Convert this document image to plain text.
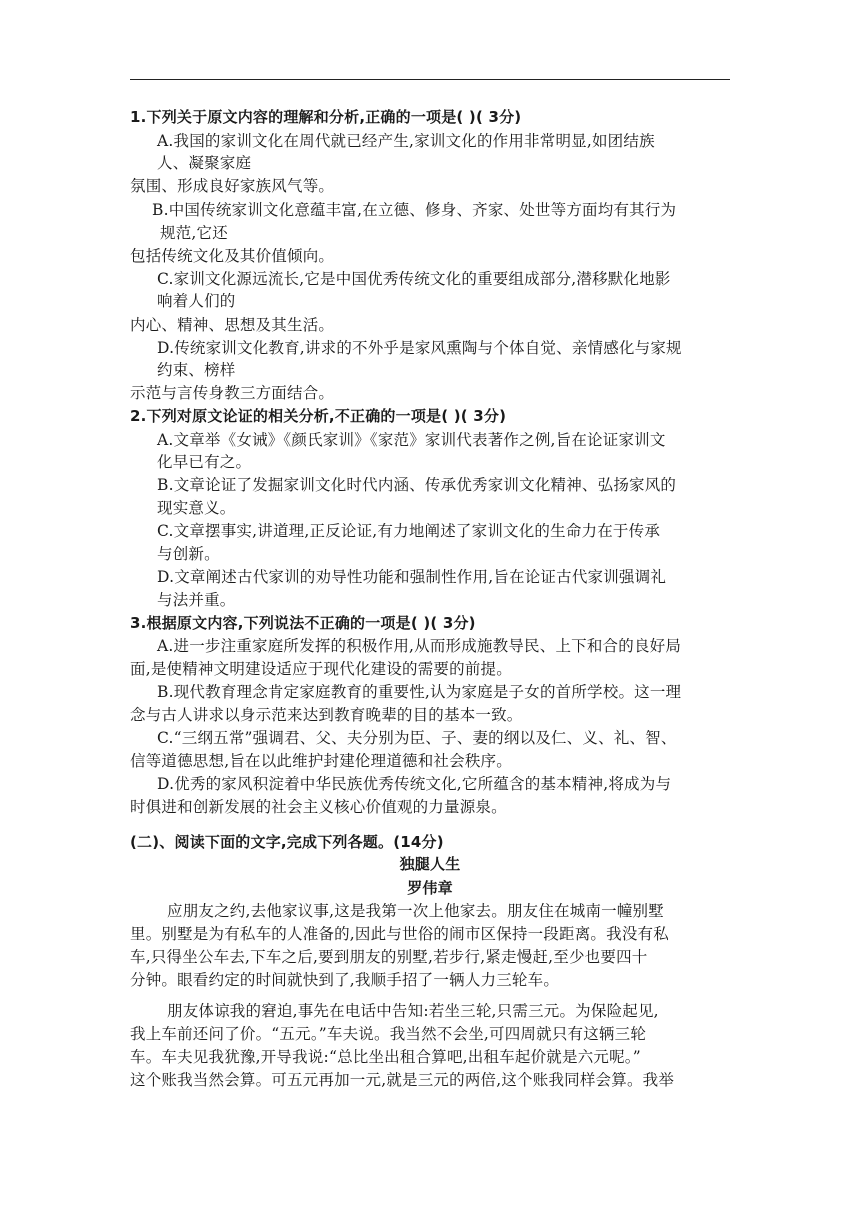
1.下列关于原文内容的理解和分析,正确的一项是( )( 3分)
A.我国的家训文化在周代就已经产生,家训文化的作用非常明显,如团结族
人、凝聚家庭
氛围、形成良好家族风气等。
B.中国传统家训文化意蕴丰富,在立德、修身、齐家、处世等方面均有其行为
规范,它还
包括传统文化及其价值倾向。
C.家训文化源远流长,它是中国优秀传统文化的重要组成部分,潜移默化地影
响着人们的
内心、精神、思想及其生活。
D.传统家训文化教育,讲求的不外乎是家风熏陶与个体自觉、亲情感化与家规
约束、榜样
示范与言传身教三方面结合。
2.下列对原文论证的相关分析,不正确的一项是( )( 3分)
A.文章举《女诫》《颜氏家训》《家范》家训代表著作之例,旨在论证家训文
化早已有之。
B.文章论证了发掘家训文化时代内涵、传承优秀家训文化精神、弘扬家风的
现实意义。
C.文章摆事实,讲道理,正反论证,有力地阐述了家训文化的生命力在于传承
与创新。
D.文章阐述古代家训的劝导性功能和强制性作用,旨在论证古代家训强调礼
与法并重。
3.根据原文内容,下列说法不正确的一项是( )( 3分)
A.进一步注重家庭所发挥的积极作用,从而形成施教导民、上下和合的良好局
面,是使精神文明建设适应于现代化建设的需要的前提。
B.现代教育理念肯定家庭教育的重要性,认为家庭是子女的首所学校。这一理
念与古人讲求以身示范来达到教育晚辈的目的基本一致。
C.“三纲五常”强调君、父、夫分别为臣、子、妻的纲以及仁、义、礼、智、
信等道德思想,旨在以此维护封建伦理道德和社会秩序。
D.优秀的家风积淀着中华民族优秀传统文化,它所蕴含的基本精神,将成为与
时俱进和创新发展的社会主义核心价值观的力量源泉。
(二)、阅读下面的文字,完成下列各题。(14分)
独腿人生
罗伟章
应朋友之约,去他家议事,这是我第一次上他家去。朋友住在城南一幢别墅
里。别墅是为有私车的人准备的,因此与世俗的闹市区保持一段距离。我没有私
车,只得坐公车去,下车之后,要到朋友的别墅,若步行,紧走慢赶,至少也要四十
分钟。眼看约定的时间就快到了,我顺手招了一辆人力三轮车。
朋友体谅我的窘迫,事先在电话中告知:若坐三轮,只需三元。为保险起见,
我上车前还问了价。“五元。”车夫说。我当然不会坐,可四周就只有这辆三轮
车。车夫见我犹豫,开导我说:“总比坐出租合算吧,出租车起价就是六元呢。”
这个账我当然会算。可五元再加一元,就是三元的两倍,这个账我同样会算。我举
